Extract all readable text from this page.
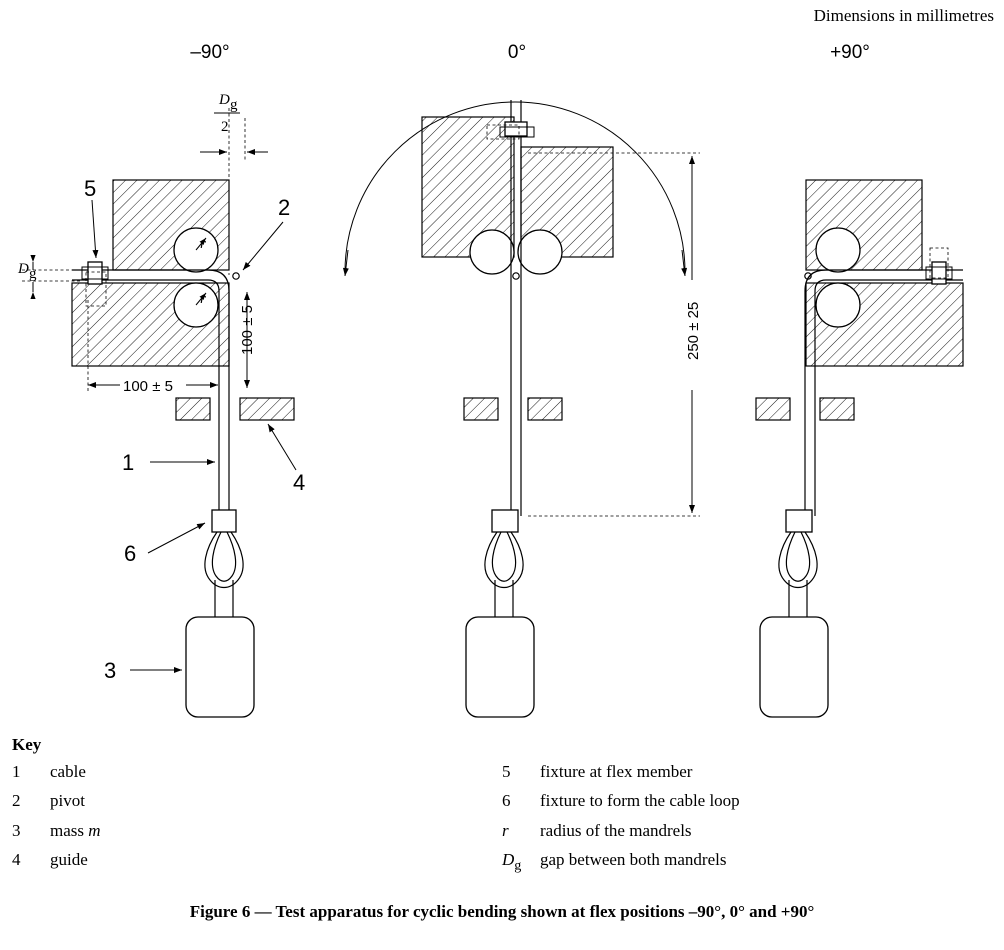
Dimensions in millimetres
–90°	0°	+90°
r
r
D g
2
D g
2
5
100 ± 5
100 ± 5
1
4
6
3
250 ± 25
Key
1	cable
2	pivot
3	mass m
4	guide
5	fixture at flex member
6	fixture to form the cable loop
r	radius of the mandrels
$D_g$	gap between both mandrels
Figure 6 — Test apparatus for cyclic bending shown at flex positions –90°, 0° and +90°
